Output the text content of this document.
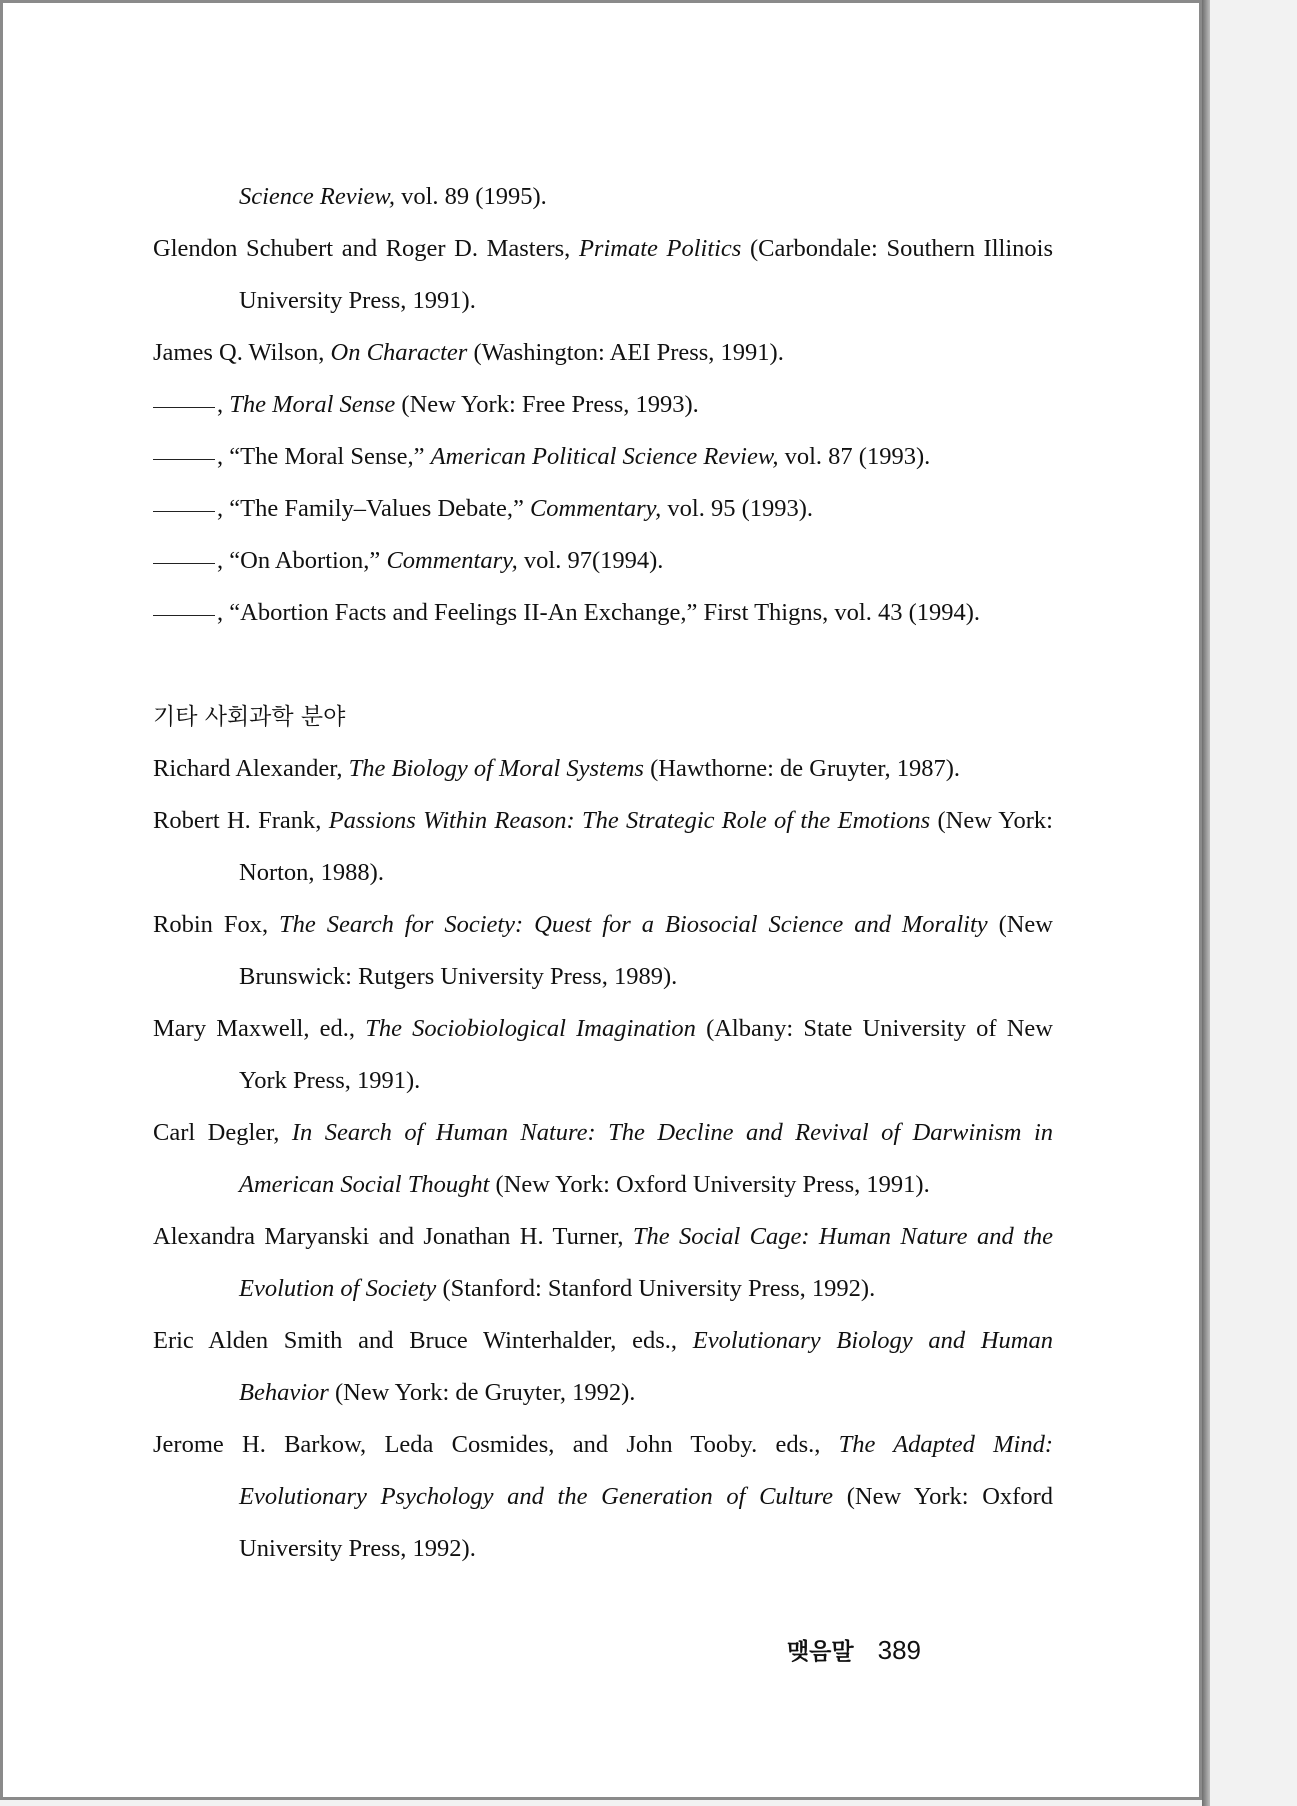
Science Review, vol. 89 (1995).
Glendon Schubert and Roger D. Masters, Primate Politics (Carbondale: Southern Illinois
University Press, 1991).
James Q. Wilson, On Character (Washington: AEI Press, 1991).
, The Moral Sense (New York: Free Press, 1993).
, “The Moral Sense,” American Political Science Review, vol. 87 (1993).
, “The Family–Values Debate,” Commentary, vol. 95 (1993).
, “On Abortion,” Commentary, vol. 97(1994).
, “Abortion Facts and Feelings II-An Exchange,” First Thigns, vol. 43 (1994).
기타 사회과학 분야
Richard Alexander, The Biology of Moral Systems (Hawthorne: de Gruyter, 1987).
Robert H. Frank, Passions Within Reason: The Strategic Role of the Emotions (New York:
Norton, 1988).
Robin Fox, The Search for Society: Quest for a Biosocial Science and Morality (New
Brunswick: Rutgers University Press, 1989).
Mary Maxwell, ed., The Sociobiological Imagination (Albany: State University of New
York Press, 1991).
Carl Degler, In Search of Human Nature: The Decline and Revival of Darwinism in
American Social Thought (New York: Oxford University Press, 1991).
Alexandra Maryanski and Jonathan H. Turner, The Social Cage: Human Nature and the
Evolution of Society (Stanford: Stanford University Press, 1992).
Eric Alden Smith and Bruce Winterhalder, eds., Evolutionary Biology and Human
Behavior (New York: de Gruyter, 1992).
Jerome H. Barkow, Leda Cosmides, and John Tooby. eds., The Adapted Mind:
Evolutionary Psychology and the Generation of Culture (New York: Oxford
University Press, 1992).
맺음말 389
